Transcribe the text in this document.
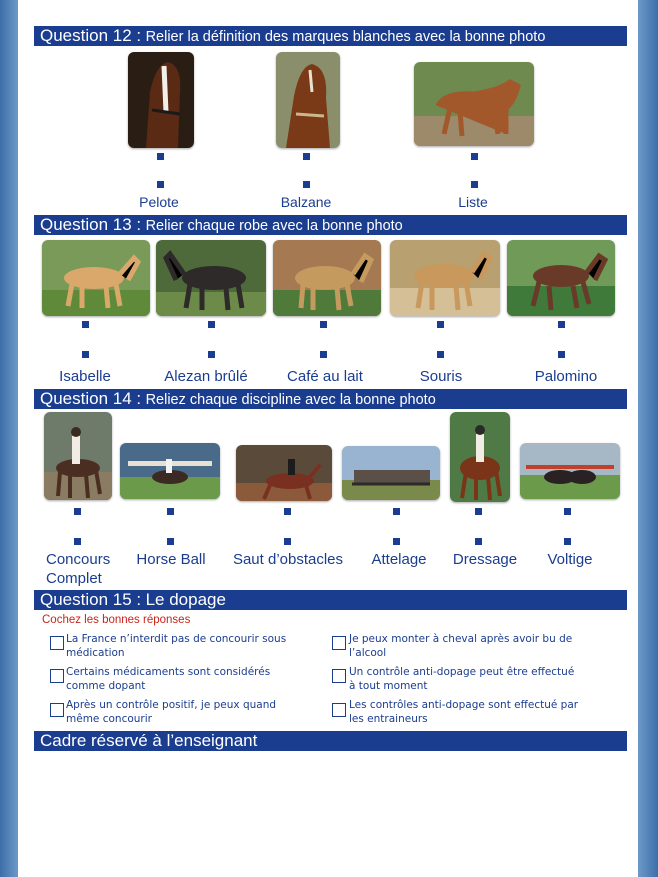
Question 12 : Relier la définition des marques blanches avec la bonne photo
Pelote	Balzane	Liste
Question 13 : Relier chaque robe avec la bonne photo
Isabelle	Alezan brûlé	Café au lait	Souris	Palomino
Question 14 : Reliez chaque discipline avec la bonne photo
Concours
Complet
Horse Ball Saut d’obstacles Attelage Dressage Voltige
Question 15 : Le dopage
Cochez les bonnes réponses
La France n’interdit pas de concourir sous médication
Je peux monter à cheval après avoir bu de l’alcool
Certains médicaments sont considérés comme dopant
Un contrôle anti-dopage peut être effectué à tout moment
Après un contrôle positif, je peux quand même concourir
Les contrôles anti-dopage sont effectué par les entraineurs
Cadre réservé à l’enseignant
